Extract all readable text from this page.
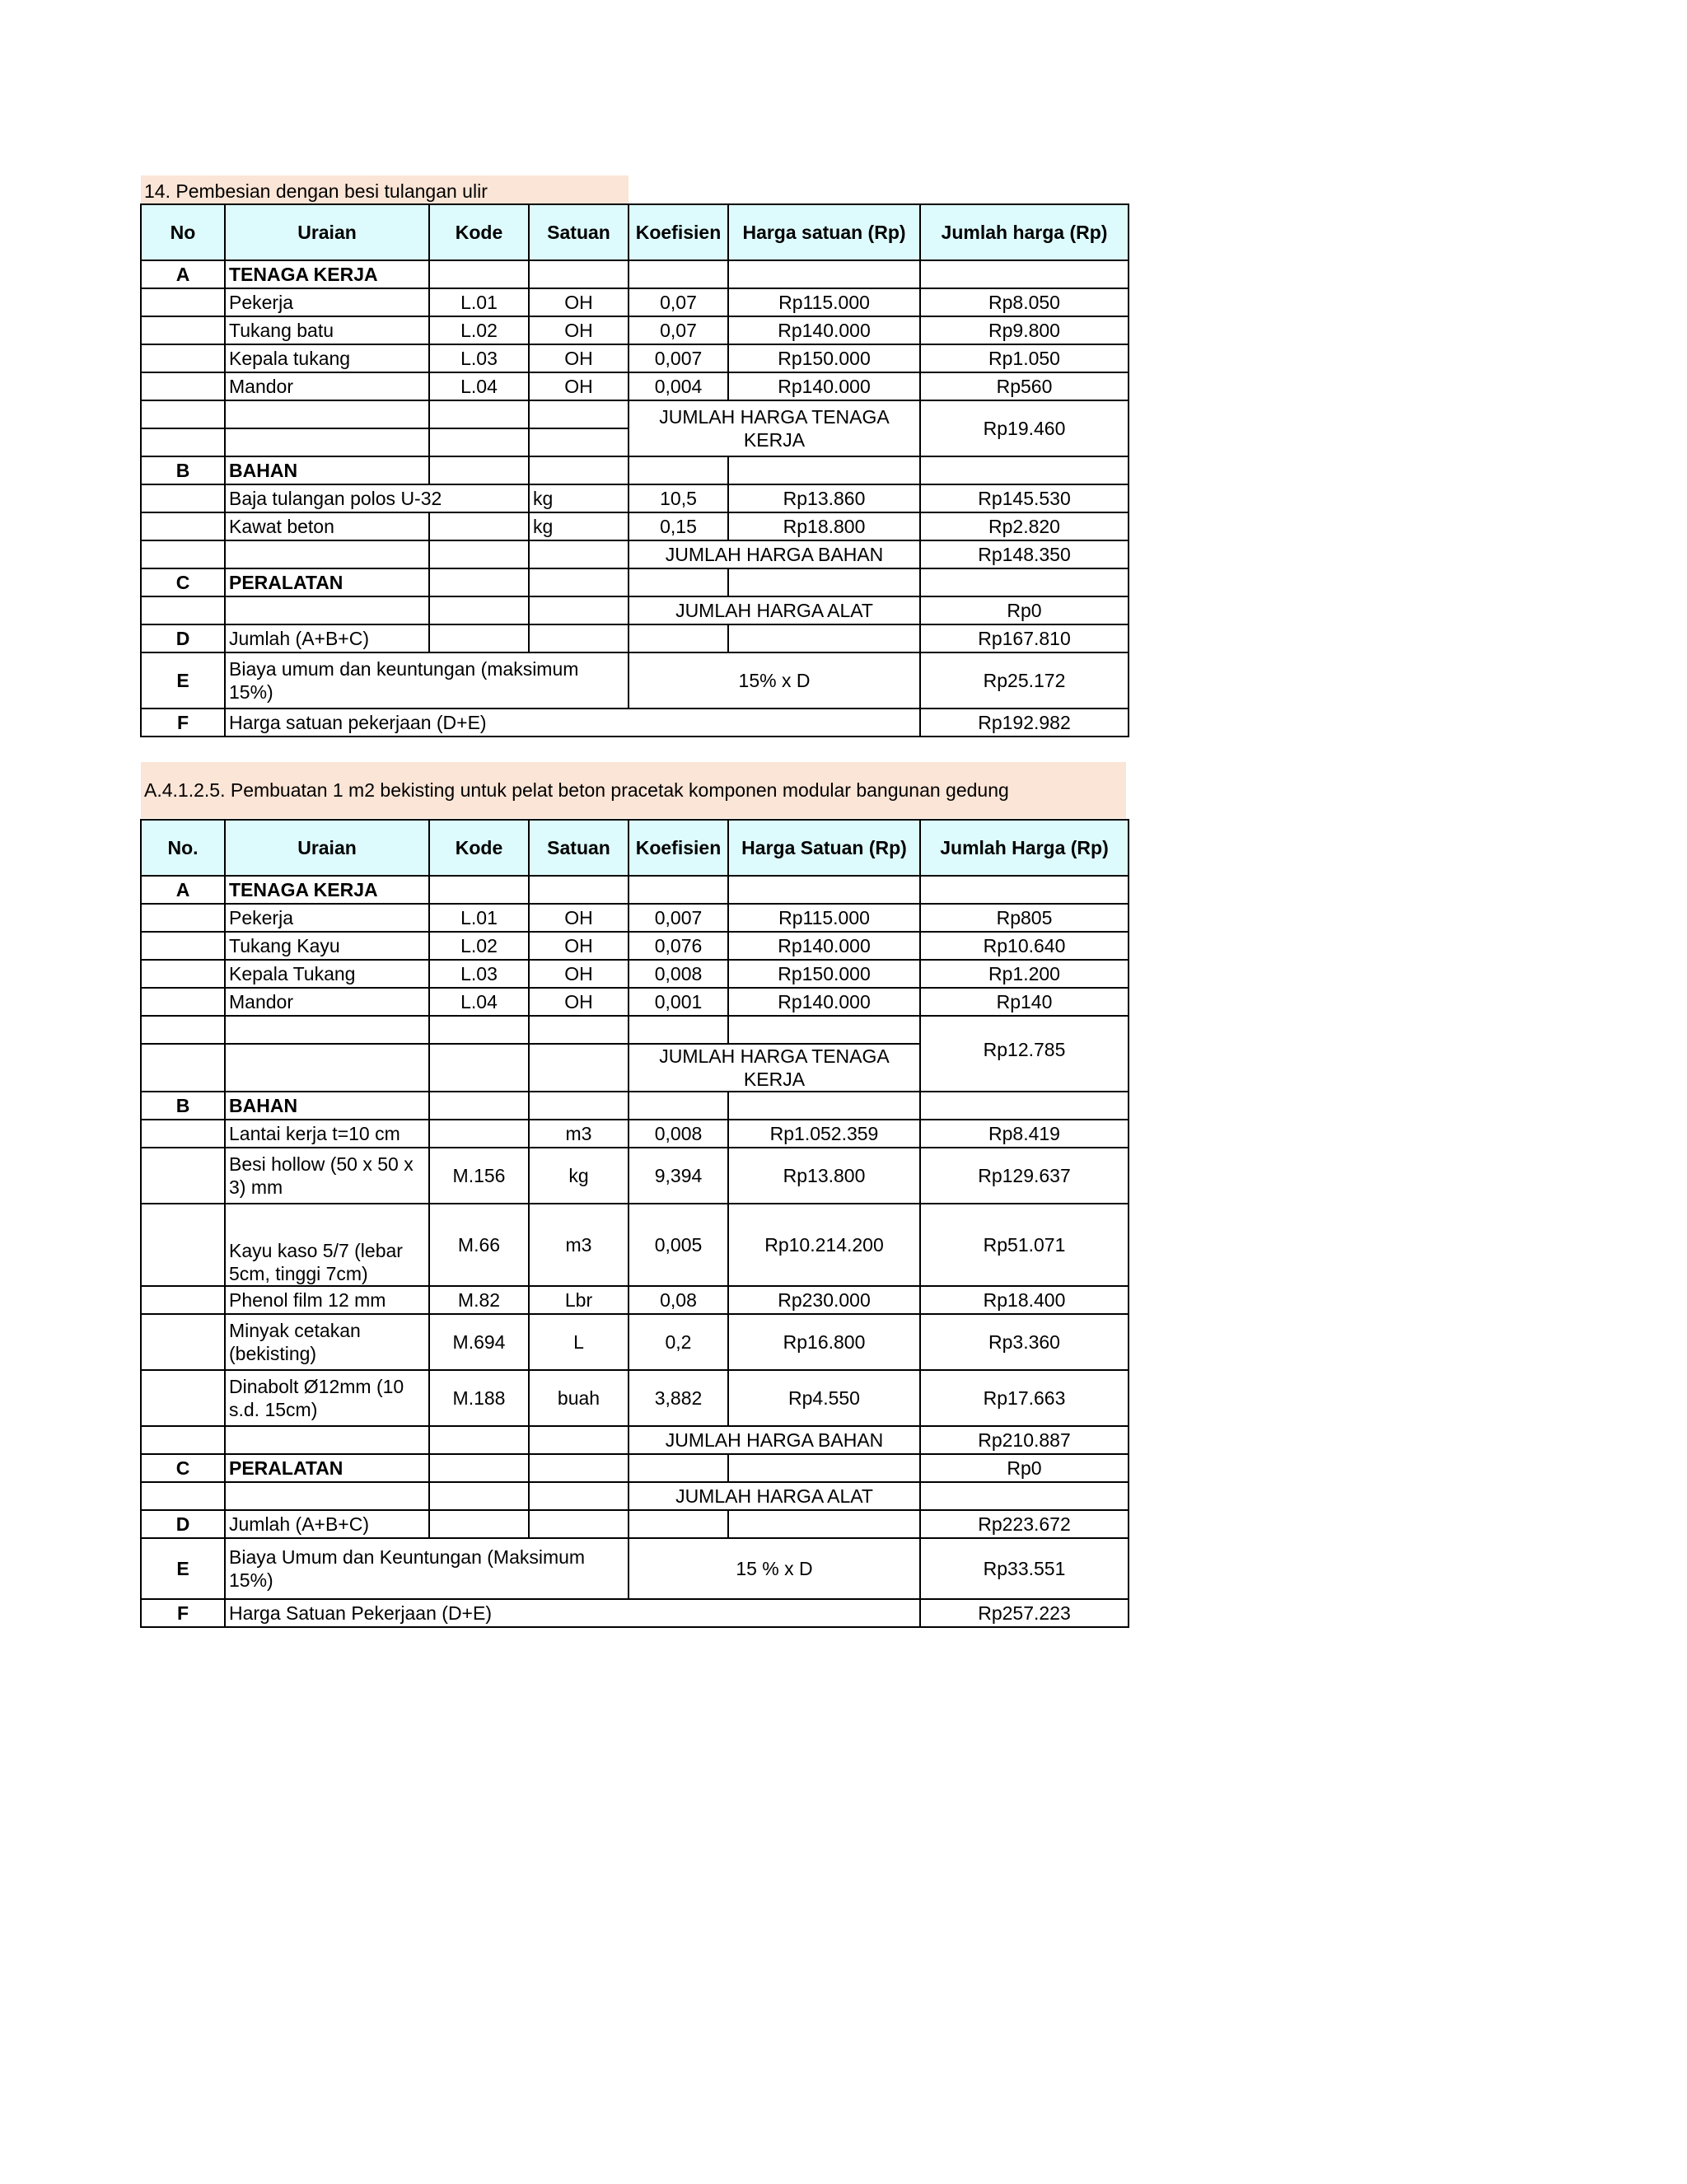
14. Pembesian dengan besi tulangan ulir
No	Uraian	Kode	Satuan	Koefisien	Harga satuan (Rp)	Jumlah harga (Rp)
A	TENAGA KERJA					
	Pekerja	L.01	OH	0,07	Rp115.000	Rp8.050
	Tukang batu	L.02	OH	0,07	Rp140.000	Rp9.800
	Kepala tukang	L.03	OH	0,007	Rp150.000	Rp1.050
	Mandor	L.04	OH	0,004	Rp140.000	Rp560
				JUMLAH HARGA TENAGA KERJA		Rp19.460

B	BAHAN					
	Baja tulangan polos U-32		kg	10,5	Rp13.860	Rp145.530
	Kawat beton		kg	0,15	Rp18.800	Rp2.820
				JUMLAH HARGA BAHAN		Rp148.350
C	PERALATAN					
				JUMLAH HARGA ALAT		Rp0
D	Jumlah (A+B+C)					Rp167.810
E	Biaya umum dan keuntungan (maksimum 15%)			15% x D		Rp25.172
F	Harga satuan pekerjaan (D+E)					Rp192.982
A.4.1.2.5. Pembuatan 1 m2 bekisting untuk pelat beton pracetak komponen modular bangunan gedung
No.	Uraian	Kode	Satuan	Koefisien	Harga Satuan (Rp)	Jumlah Harga (Rp)
A	TENAGA KERJA					
	Pekerja	L.01	OH	0,007	Rp115.000	Rp805
	Tukang Kayu	L.02	OH	0,076	Rp140.000	Rp10.640
	Kepala Tukang	L.03	OH	0,008	Rp150.000	Rp1.200
	Mandor	L.04	OH	0,001	Rp140.000	Rp140
						Rp12.785
				JUMLAH HARGA TENAGA KERJA		
B	BAHAN					
	Lantai kerja t=10 cm		m3	0,008	Rp1.052.359	Rp8.419
	Besi hollow (50 x 50 x 3) mm	M.156	kg	9,394	Rp13.800	Rp129.637
	Kayu kaso 5/7 (lebar 5cm, tinggi 7cm)	M.66	m3	0,005	Rp10.214.200	Rp51.071
	Phenol film 12 mm	M.82	Lbr	0,08	Rp230.000	Rp18.400
	Minyak cetakan (bekisting)	M.694	L	0,2	Rp16.800	Rp3.360
	Dinabolt Ø12mm (10 s.d. 15cm)	M.188	buah	3,882	Rp4.550	Rp17.663
				JUMLAH HARGA BAHAN		Rp210.887
C	PERALATAN					Rp0
				JUMLAH HARGA ALAT		
D	Jumlah (A+B+C)					Rp223.672
E	Biaya Umum dan Keuntungan (Maksimum 15%)			15 % x D		Rp33.551
F	Harga Satuan Pekerjaan (D+E)					Rp257.223
